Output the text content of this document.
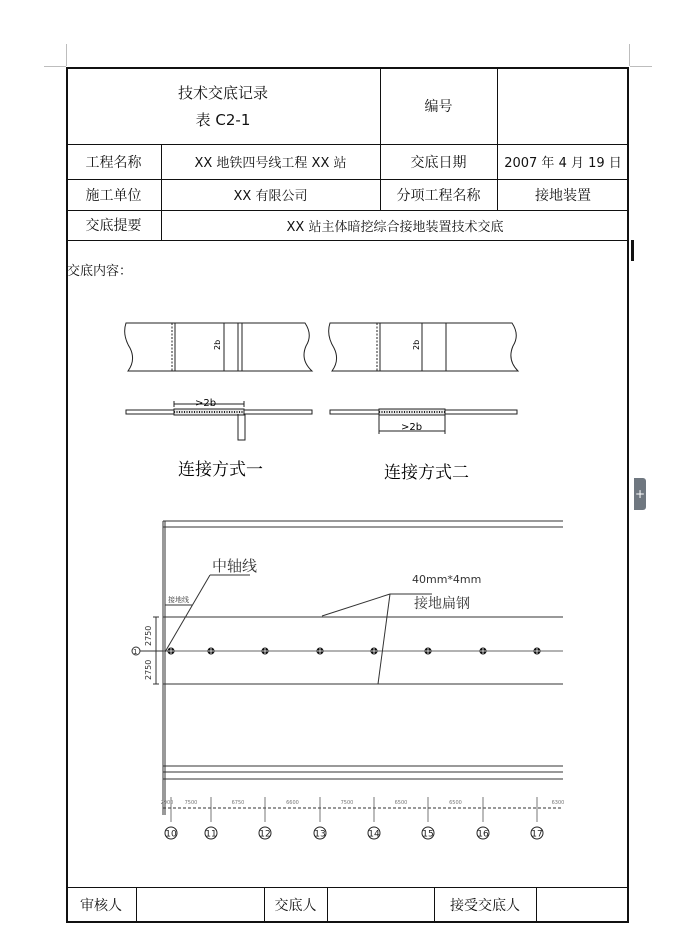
技术交底记录
表 C2-1
编号
工程名称	XX 地铁四号线工程 XX 站	交底日期	2007 年 4 月 19 日
施工单位	XX 有限公司	分项工程名称	接地装置
交底提要	XX 站主体暗挖综合接地装置技术交底
交底内容：
2b	2b
>2b
>2b
连接方式一	连接方式二
中轴线
接地线
40mm*4mm
接地扁钢
2750
2750
1
10	11	12	13	14	15	16	17
2900 7500	6750	6600	7500	6500	6500	6300
审核人	交底人	接受交底人
+
